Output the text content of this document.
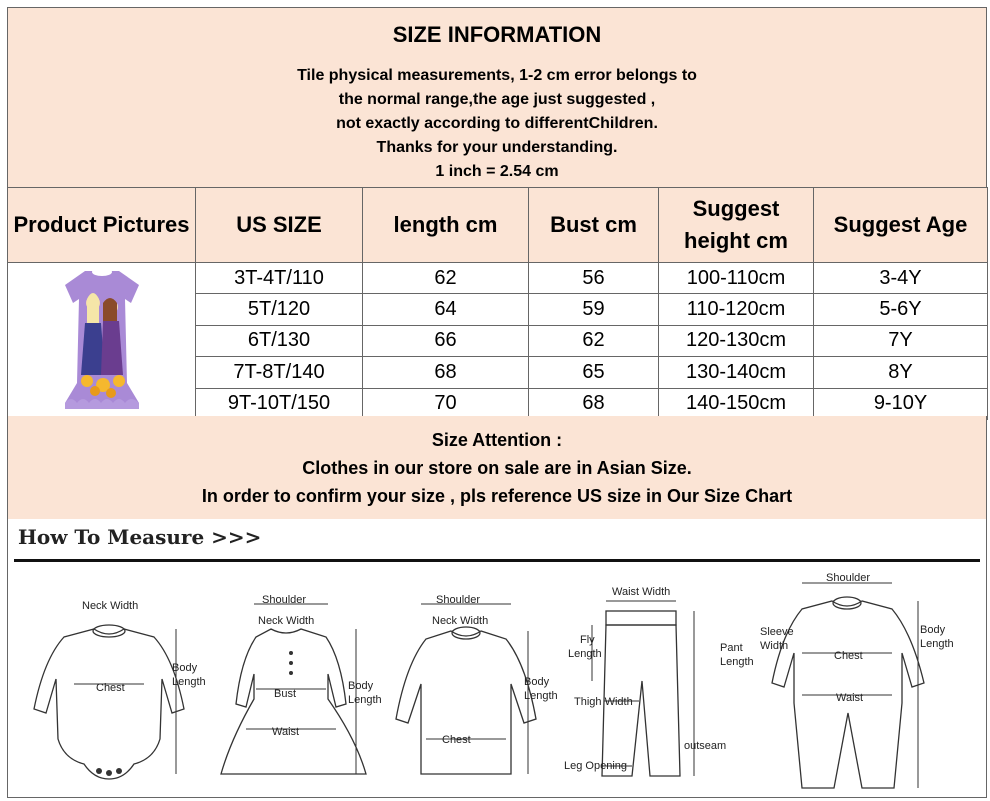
SIZE INFORMATION
Tile physical measurements, 1-2 cm error belongs to
the normal range,the age just suggested ,
not exactly according to differentChildren.
Thanks for your understanding.
1 inch = 2.54 cm
Product Pictures	US SIZE	length cm	Bust cm	Suggest
height cm	Suggest Age
	3T-4T/110	62	56	100-110cm	3-4Y
	5T/120	64	59	110-120cm	5-6Y
	6T/130	66	62	120-130cm	7Y
	7T-8T/140	68	65	130-140cm	8Y
	9T-10T/150	70	68	140-150cm	9-10Y
Size Attention :
Clothes in our store on sale are in Asian Size.
In order to confirm your size , pls reference US size in Our Size Chart
How To Measure >>>
Neck Width
Chest
Body
Length
Shoulder
Neck Width
Bust
Waist
Body
Length
Shoulder
Neck Width
Chest
Body
Length
Waist Width
Fly
Length	Pant
Length
Thigh Width
Leg Opening
outseam
Shoulder
Sleeve
Width
Chest
Waist
Body
Length
